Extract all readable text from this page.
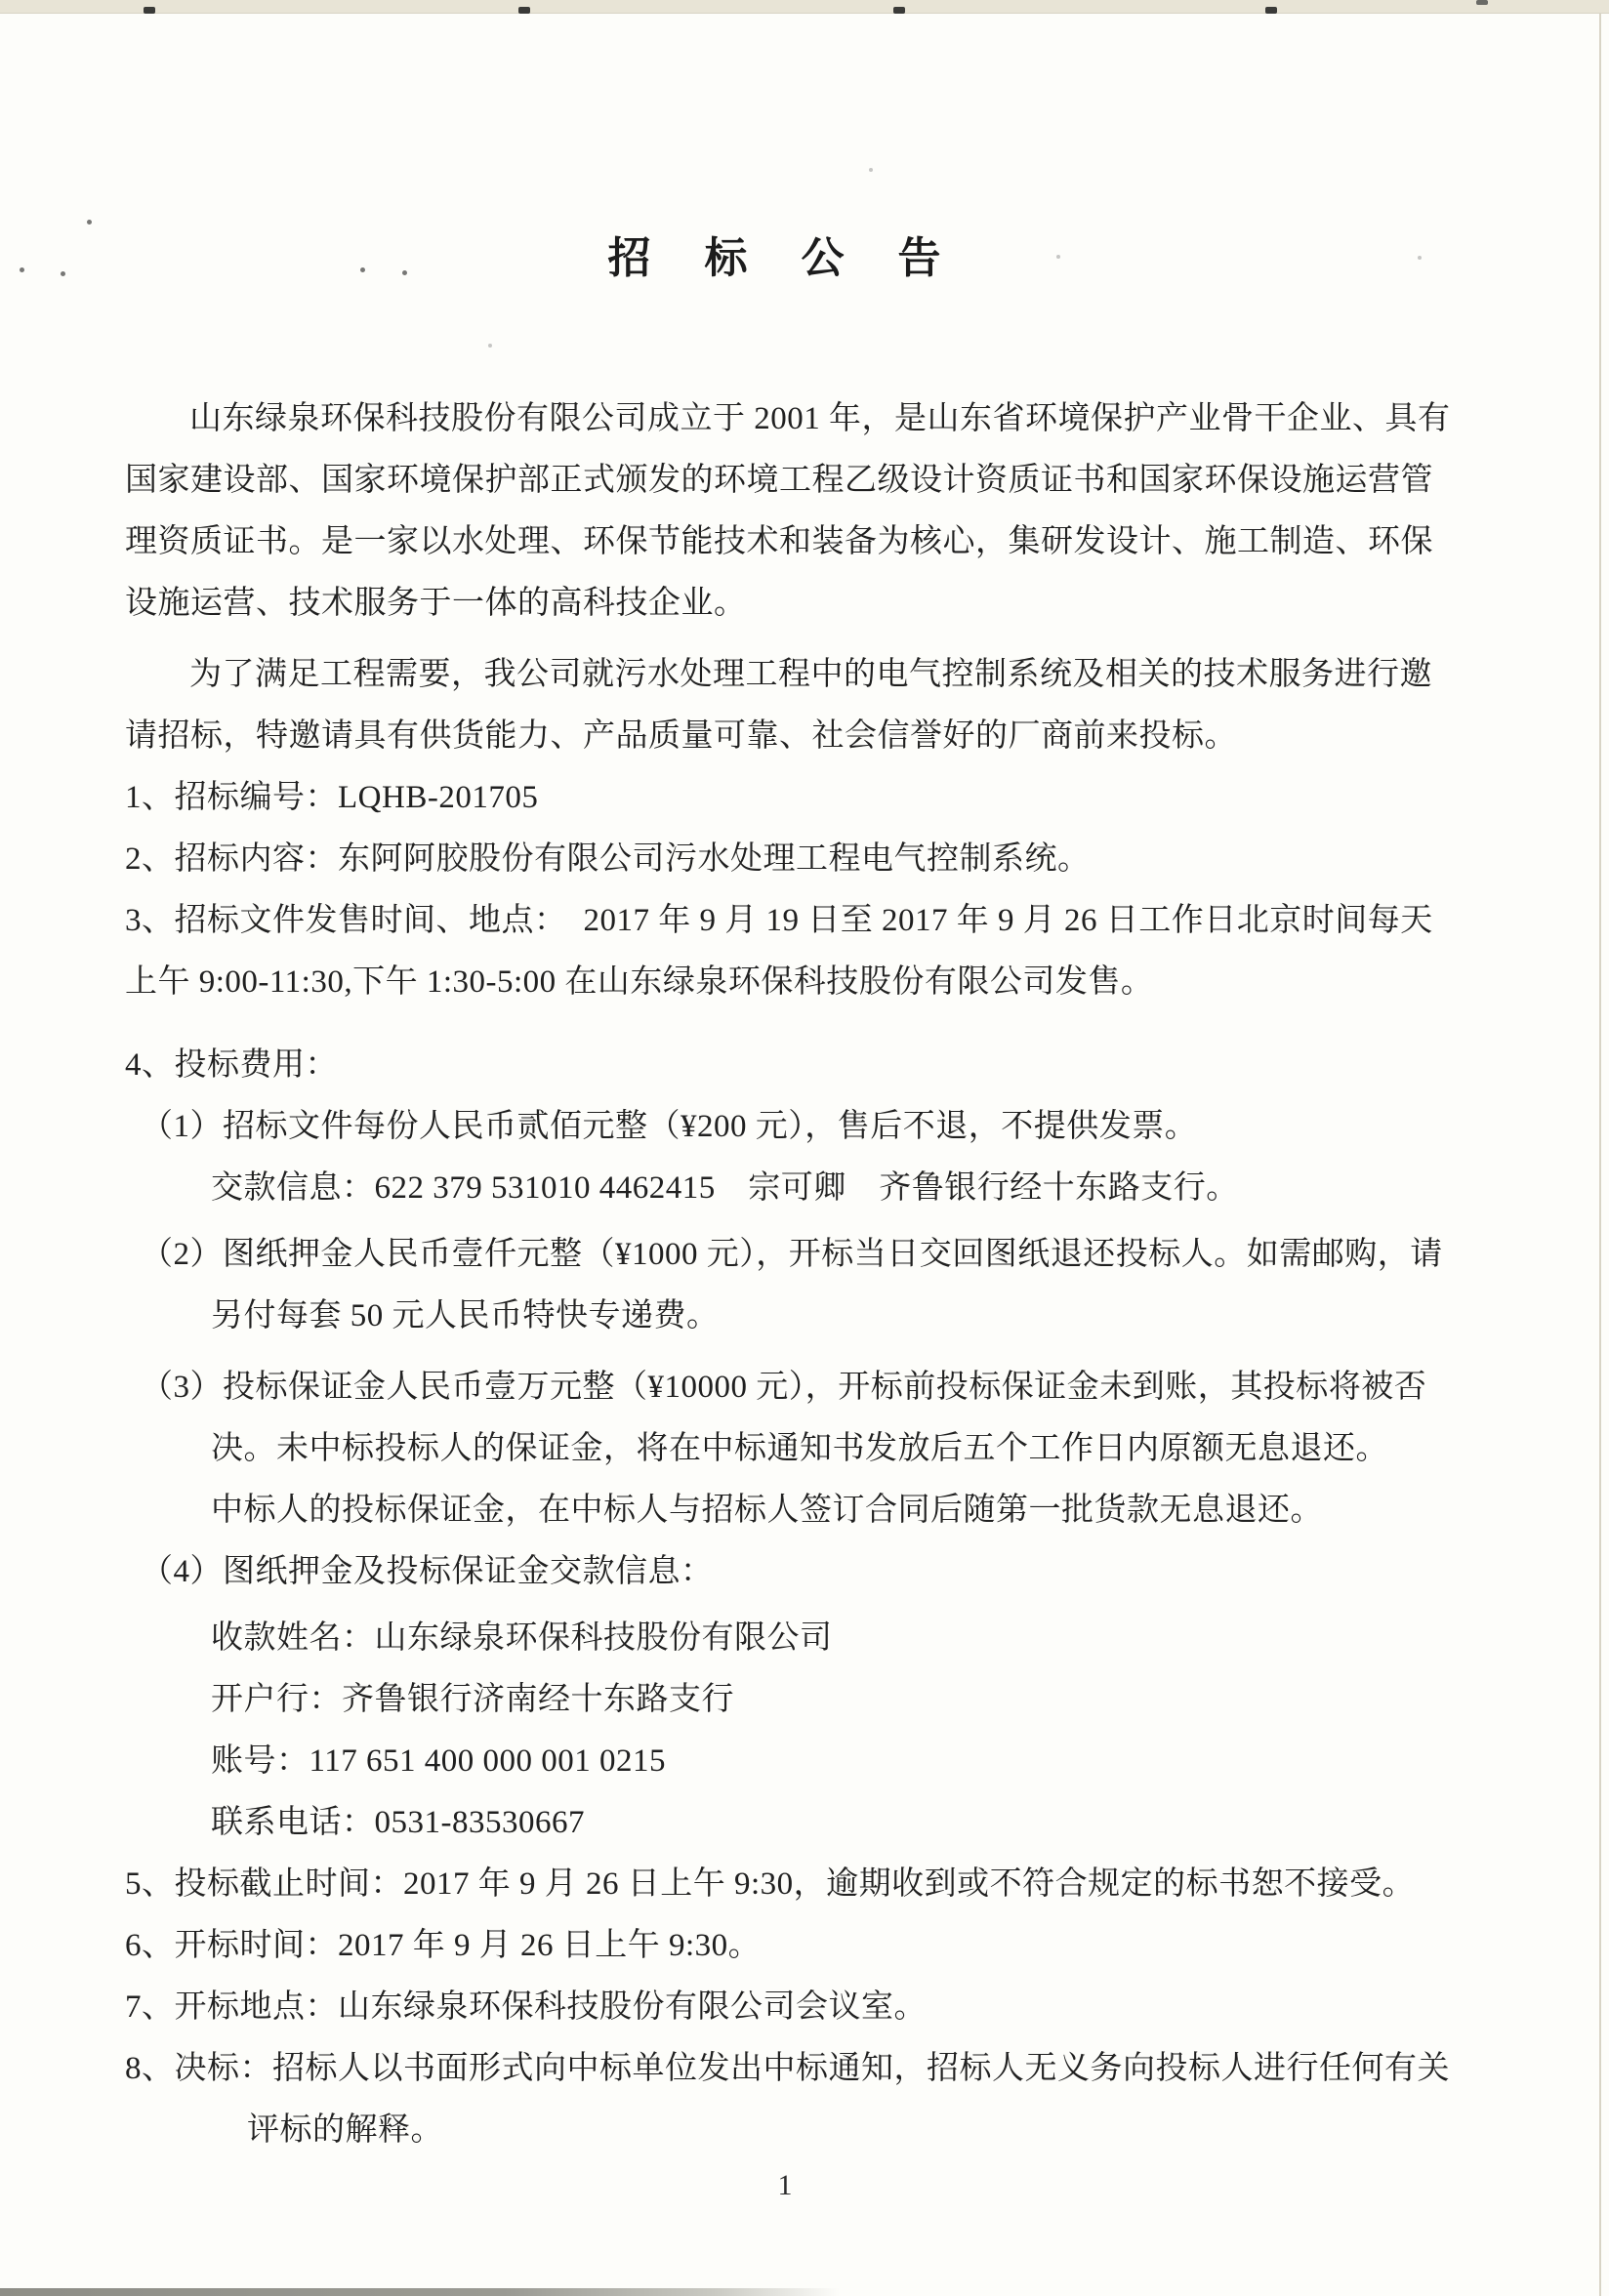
招 标 公 告
山东绿泉环保科技股份有限公司成立于 2001 年，是山东省环境保护产业骨干企业、具有
国家建设部、国家环境保护部正式颁发的环境工程乙级设计资质证书和国家环保设施运营管
理资质证书。是一家以水处理、环保节能技术和装备为核心，集研发设计、施工制造、环保
设施运营、技术服务于一体的高科技企业。
为了满足工程需要，我公司就污水处理工程中的电气控制系统及相关的技术服务进行邀
请招标，特邀请具有供货能力、产品质量可靠、社会信誉好的厂商前来投标。
1、招标编号：LQHB-201705
2、招标内容：东阿阿胶股份有限公司污水处理工程电气控制系统。
3、招标文件发售时间、地点：　2017 年 9 月 19 日至 2017 年 9 月 26 日工作日北京时间每天
上午 9:00-11:30,下午 1:30-5:00 在山东绿泉环保科技股份有限公司发售。
4、投标费用：
（1）招标文件每份人民币贰佰元整（¥200 元），售后不退，不提供发票。
交款信息：622 379 531010 4462415　宗可卿　齐鲁银行经十东路支行。
（2）图纸押金人民币壹仟元整（¥1000 元），开标当日交回图纸退还投标人。如需邮购，请
另付每套 50 元人民币特快专递费。
（3）投标保证金人民币壹万元整（¥10000 元），开标前投标保证金未到账，其投标将被否
决。未中标投标人的保证金，将在中标通知书发放后五个工作日内原额无息退还。
中标人的投标保证金，在中标人与招标人签订合同后随第一批货款无息退还。
（4）图纸押金及投标保证金交款信息：
收款姓名：山东绿泉环保科技股份有限公司
开户行：齐鲁银行济南经十东路支行
账号：117 651 400 000 001 0215
联系电话：0531-83530667
5、投标截止时间：2017 年 9 月 26 日上午 9:30，逾期收到或不符合规定的标书恕不接受。
6、开标时间：2017 年 9 月 26 日上午 9:30。
7、开标地点：山东绿泉环保科技股份有限公司会议室。
8、决标：招标人以书面形式向中标单位发出中标通知，招标人无义务向投标人进行任何有关
评标的解释。
1
